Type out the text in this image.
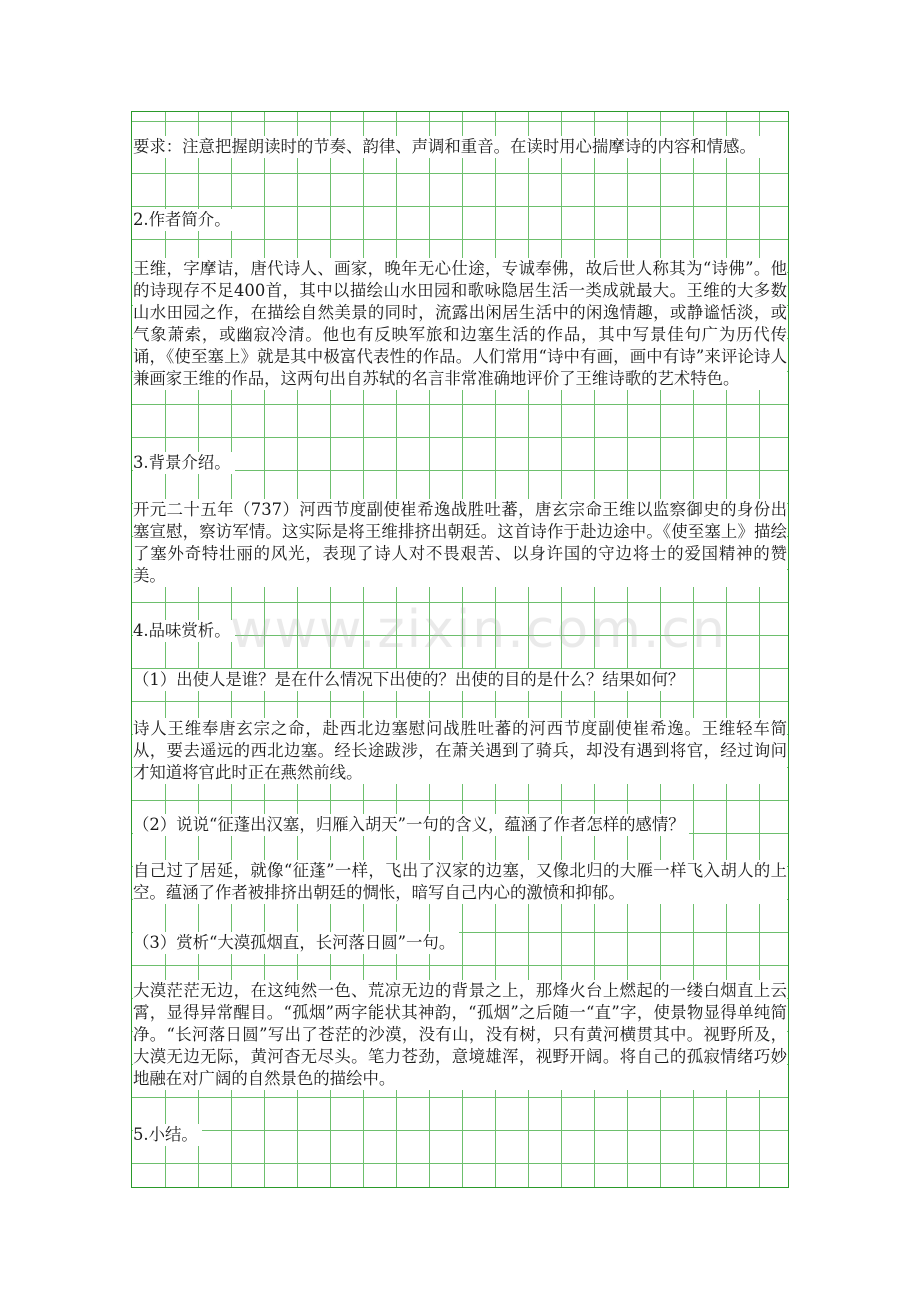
要求：注意把握朗读时的节奏、韵律、声调和重音。在读时用心揣摩诗的内容和情感。
2.作者简介。
王维，字摩诘，唐代诗人、画家，晚年无心仕途，专诚奉佛，故后世人称其为“诗佛”。他的诗现存不足400首，其中以描绘山水田园和歌咏隐居生活一类成就最大。王维的大多数山水田园之作，在描绘自然美景的同时，流露出闲居生活中的闲逸情趣，或静谧恬淡，或气象萧索，或幽寂冷清。他也有反映军旅和边塞生活的作品，其中写景佳句广为历代传诵，《使至塞上》就是其中极富代表性的作品。人们常用“诗中有画，画中有诗”来评论诗人兼画家王维的作品，这两句出自苏轼的名言非常准确地评价了王维诗歌的艺术特色。
3.背景介绍。
开元二十五年（737）河西节度副使崔希逸战胜吐蕃，唐玄宗命王维以监察御史的身份出塞宣慰，察访军情。这实际是将王维排挤出朝廷。这首诗作于赴边途中。《使至塞上》描绘了塞外奇特壮丽的风光，表现了诗人对不畏艰苦、以身许国的守边将士的爱国精神的赞美。
4.品味赏析。
（1）出使人是谁？是在什么情况下出使的？出使的目的是什么？结果如何？
诗人王维奉唐玄宗之命，赴西北边塞慰问战胜吐蕃的河西节度副使崔希逸。王维轻车简从，要去遥远的西北边塞。经长途跋涉，在萧关遇到了骑兵，却没有遇到将官，经过询问才知道将官此时正在燕然前线。
（2）说说“征蓬出汉塞，归雁入胡天”一句的含义，蕴涵了作者怎样的感情？
自己过了居延，就像“征蓬”一样，飞出了汉家的边塞，又像北归的大雁一样飞入胡人的上空。蕴涵了作者被排挤出朝廷的惆怅，暗写自己内心的激愤和抑郁。
（3）赏析“大漠孤烟直，长河落日圆”一句。
大漠茫茫无边，在这纯然一色、荒凉无边的背景之上，那烽火台上燃起的一缕白烟直上云霄，显得异常醒目。“孤烟”两字能状其神韵，“孤烟”之后随一“直”字，使景物显得单纯简净。“长河落日圆”写出了苍茫的沙漠，没有山，没有树，只有黄河横贯其中。视野所及，大漠无边无际，黄河杳无尽头。笔力苍劲，意境雄浑，视野开阔。将自己的孤寂情绪巧妙地融在对广阔的自然景色的描绘中。
5.小结。
www.zixin.com.cn
